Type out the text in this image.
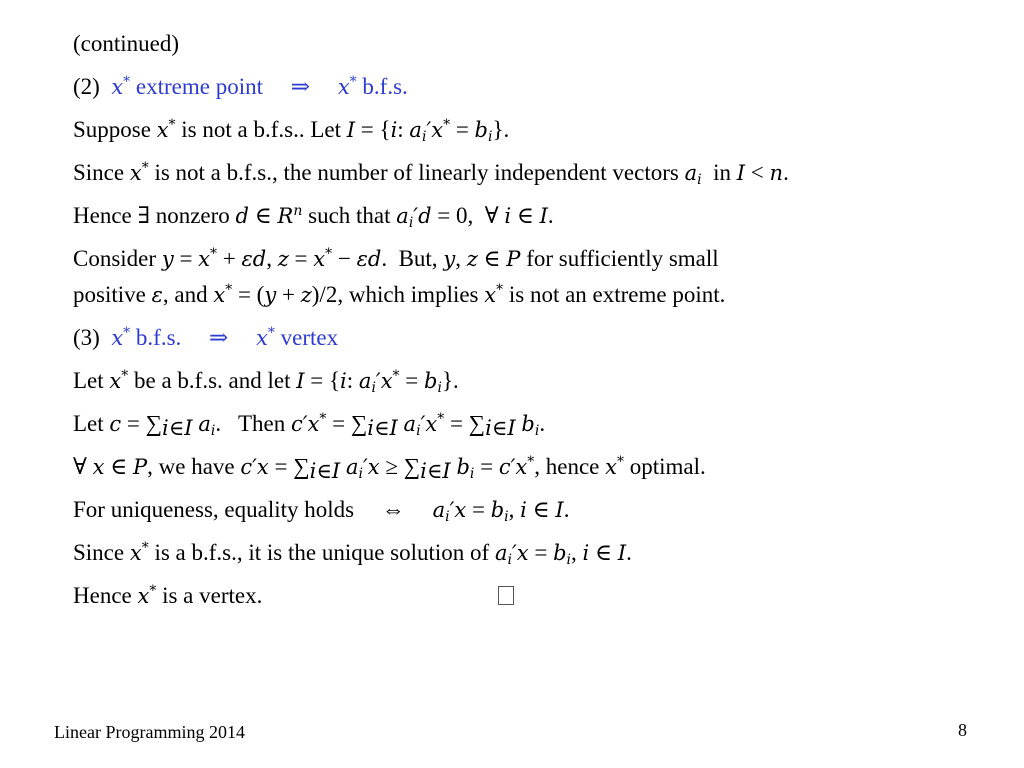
(continued)
(2) x* extreme point ⇒ x* b.f.s.
Suppose x* is not a b.f.s.. Let I = {i: $a_i'x^* = b_i$}.
Since x* is not a b.f.s., the number of linearly independent vectors $a_i$ in I < n.
Hence ∃ nonzero d ∈ $R^n$ such that $a_i'd = 0$,  ∀ i ∈ I.
Consider y = x* + εd, z = x* − εd.  But, y, z ∈ P for sufficiently small
positive ε, and x* = (y + z)/2, which implies x* is not an extreme point.
(3) x* b.f.s. ⇒ x* vertex
Let x* be a b.f.s. and let I = {i: $a_i'x^* = b_i$}.
Let $c = \sum_{i\in I}$ $a_i$.   Then $c'x^* = \sum_{i\in I}$ $a_i'x^* = \sum_{i\in I}$ $b_i$.
∀ x ∈ P, we have $c'x = \sum_{i\in I}$ $a_i'x \ge \sum_{i\in I}$ $b_i = c'x^*$, hence x* optimal.
For uniqueness, equality holds ⇔ $a_i'x = b_i$, i ∈ I.
Since x* is a b.f.s., it is the unique solution of $a_i'x = b_i$, i ∈ I.
Hence x* is a vertex.
Linear Programming 2014	8
